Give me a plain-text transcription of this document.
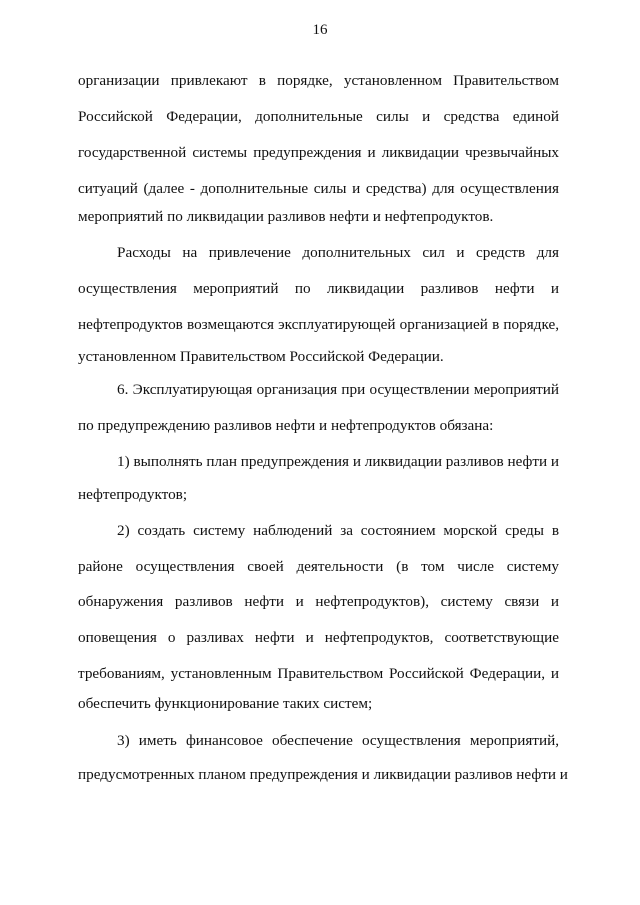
16
организации привлекают в порядке, установленном Правительством
Российской Федерации, дополнительные силы и средства единой
государственной системы предупреждения и ликвидации чрезвычайных
ситуаций (далее - дополнительные силы и средства) для осуществления
мероприятий по ликвидации разливов нефти и нефтепродуктов.
Расходы на привлечение дополнительных сил и средств для
осуществления мероприятий по ликвидации разливов нефти и
нефтепродуктов возмещаются эксплуатирующей организацией в порядке,
установленном Правительством Российской Федерации.
6. Эксплуатирующая организация при осуществлении мероприятий
по предупреждению разливов нефти и нефтепродуктов обязана:
1) выполнять план предупреждения и ликвидации разливов нефти и
нефтепродуктов;
2) создать систему наблюдений за состоянием морской среды в
районе осуществления своей деятельности (в том числе систему
обнаружения разливов нефти и нефтепродуктов), систему связи и
оповещения о разливах нефти и нефтепродуктов, соответствующие
требованиям, установленным Правительством Российской Федерации, и
обеспечить функционирование таких систем;
3) иметь финансовое обеспечение осуществления мероприятий,
предусмотренных планом предупреждения и ликвидации разливов нефти и
